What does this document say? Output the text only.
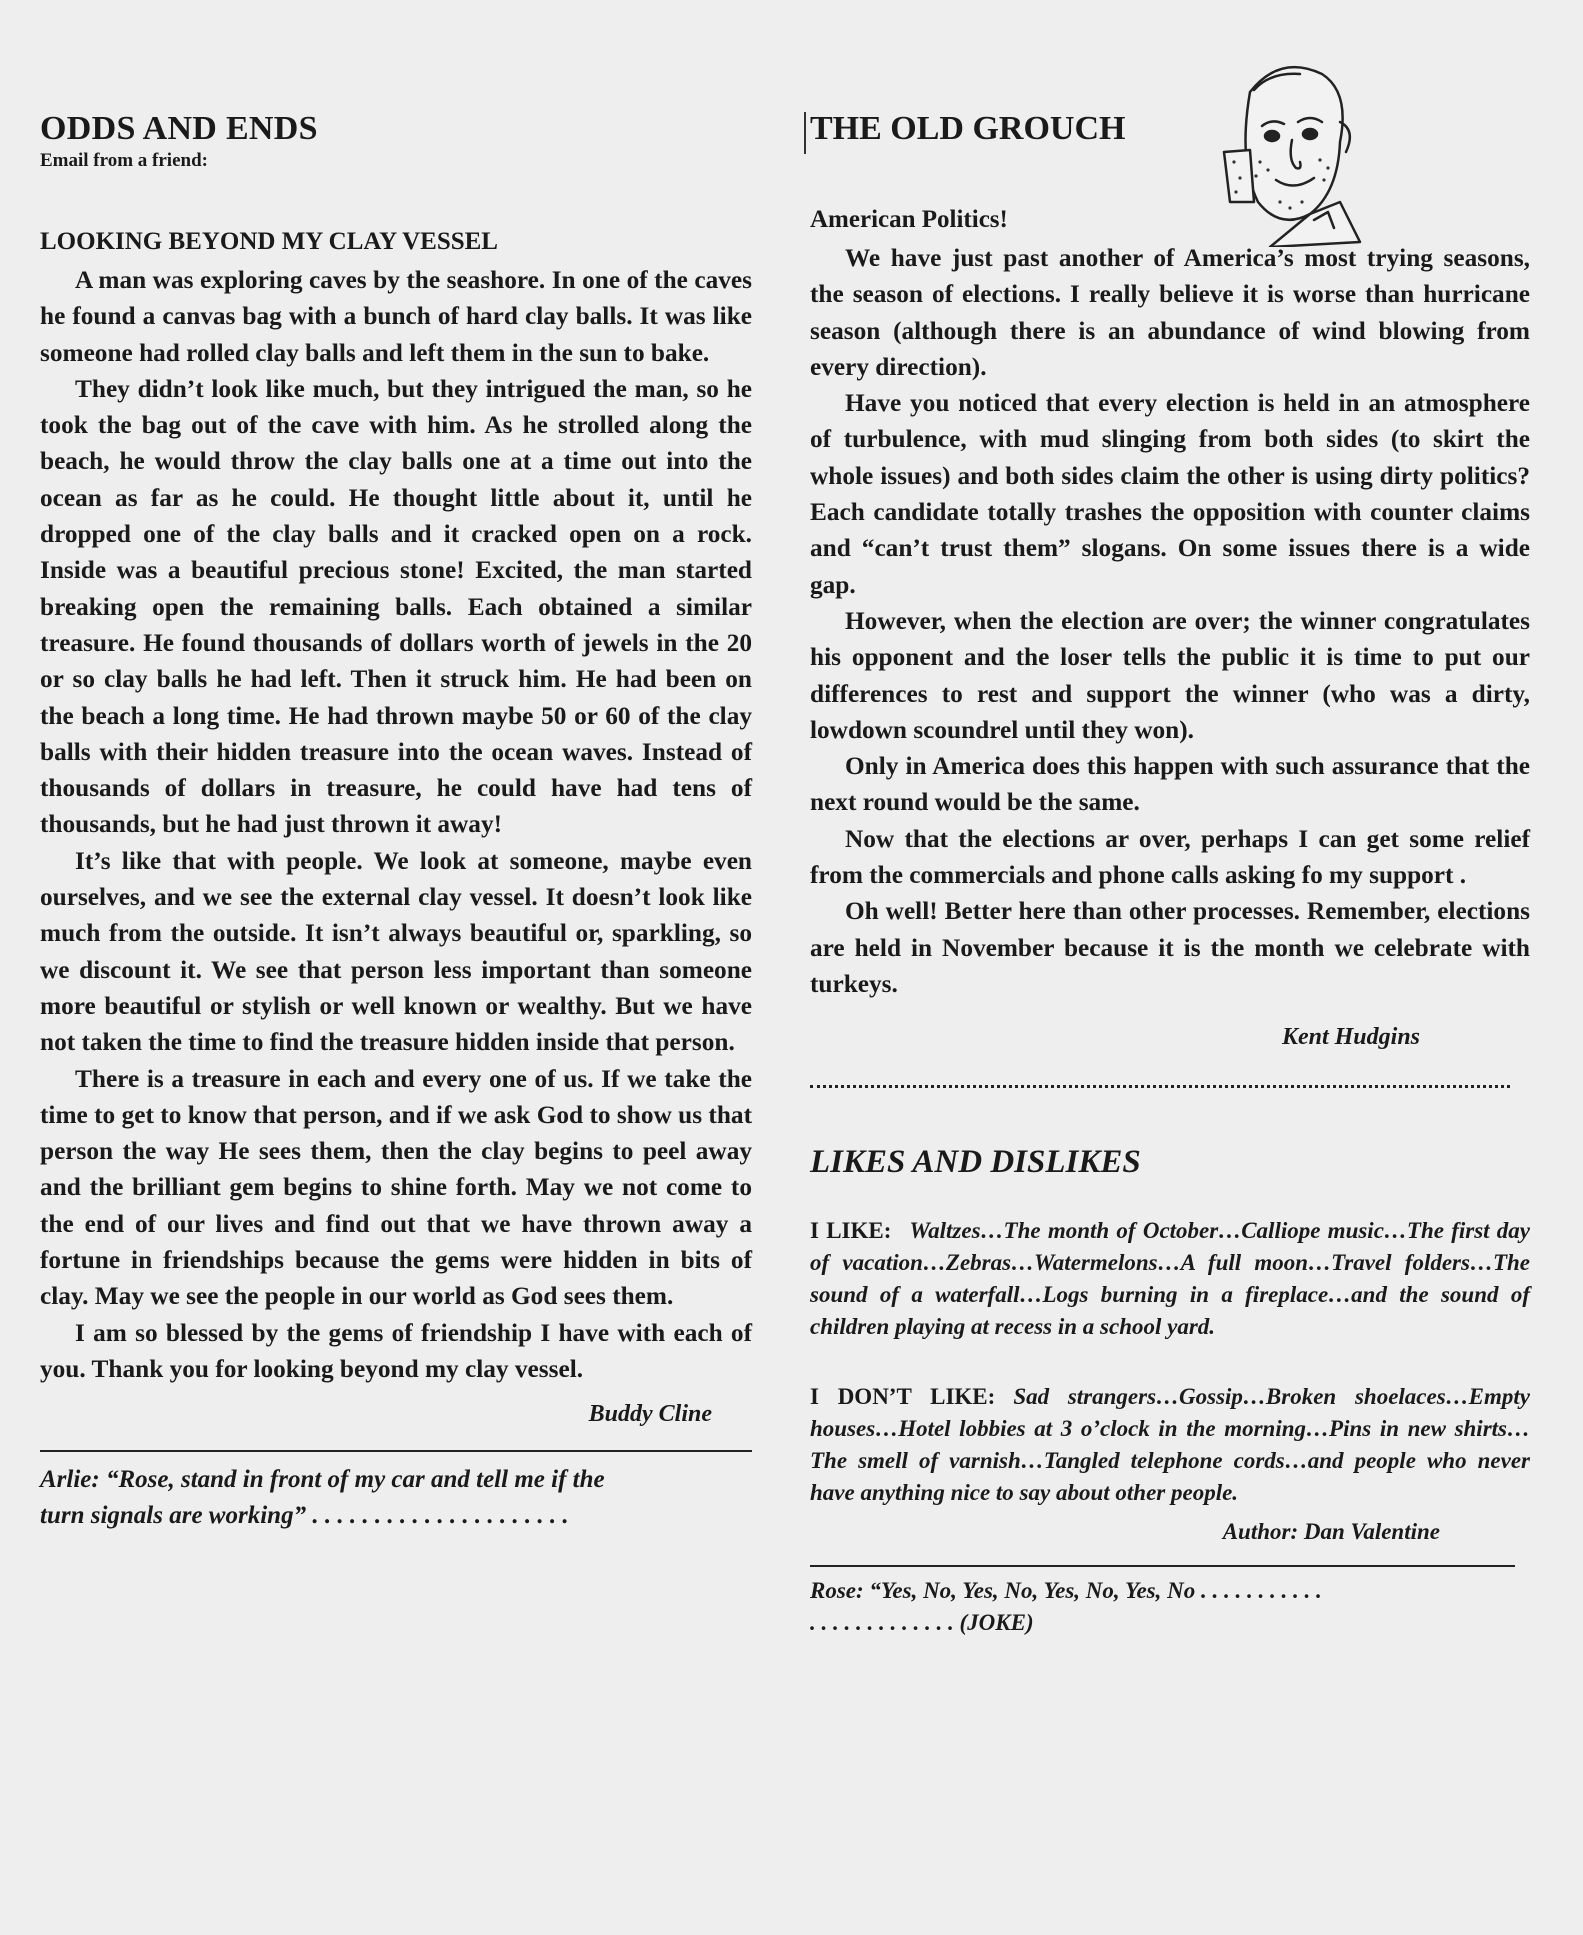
ODDS AND ENDS
Email from a friend:
LOOKING BEYOND MY CLAY VESSEL

A man was exploring caves by the seashore. In one of the caves he found a canvas bag with a bunch of hard clay balls. It was like someone had rolled clay balls and left them in the sun to bake.

They didn’t look like much, but they intrigued the man, so he took the bag out of the cave with him. As he strolled along the beach, he would throw the clay balls one at a time out into the ocean as far as he could. He thought little about it, until he dropped one of the clay balls and it cracked open on a rock. Inside was a beautiful precious stone! Excited, the man started breaking open the remaining balls. Each obtained a similar treasure. He found thousands of dollars worth of jewels in the 20 or so clay balls he had left. Then it struck him. He had been on the beach a long time. He had thrown maybe 50 or 60 of the clay balls with their hidden treasure into the ocean waves. Instead of thousands of dollars in treasure, he could have had tens of thousands, but he had just thrown it away!

It’s like that with people. We look at someone, maybe even ourselves, and we see the external clay vessel. It doesn’t look like much from the outside. It isn’t always beautiful or, sparkling, so we discount it. We see that person less important than someone more beautiful or stylish or well known or wealthy. But we have not taken the time to find the treasure hidden inside that person.

There is a treasure in each and every one of us. If we take the time to get to know that person, and if we ask God to show us that person the way He sees them, then the clay begins to peel away and the brilliant gem begins to shine forth. May we not come to the end of our lives and find out that we have thrown away a fortune in friendships because the gems were hidden in bits of clay. May we see the people in our world as God sees them.

I am so blessed by the gems of friendship I have with each of you. Thank you for looking beyond my clay vessel.

Buddy Cline
Arlie: “Rose, stand in front of my car and tell me if the
turn signals are working” . . . . . . . . . . . . . . . . . . . . .
THE OLD GROUCH
American Politics!

We have just past another of America’s most trying seasons, the season of elections. I really believe it is worse than hurricane season (although there is an abundance of wind blowing from every direction).

Have you noticed that every election is held in an atmosphere of turbulence, with mud slinging from both sides (to skirt the whole issues) and both sides claim the other is using dirty politics? Each candidate totally trashes the opposition with counter claims and “can’t trust them” slogans. On some issues there is a wide gap.

However, when the election are over; the winner congratulates his opponent and the loser tells the public it is time to put our differences to rest and support the winner (who was a dirty, lowdown scoundrel until they won).

Only in America does this happen with such assurance that the next round would be the same.

Now that the elections ar over, perhaps I can get some relief from the commercials and phone calls asking fo my support .

Oh well! Better here than other processes. Remember, elections are held in November because it is the month we celebrate with turkeys.

Kent Hudgins
LIKES AND DISLIKES

I LIKE: Waltzes…The month of October…Calliope music…The first day of vacation…Zebras…Watermelons…A full moon…Travel folders…The sound of a waterfall…Logs burning in a fireplace…and the sound of children playing at recess in a school yard.

I DON’T LIKE: Sad strangers…Gossip…Broken shoelaces…Empty houses…Hotel lobbies at 3 o’clock in the morning…Pins in new shirts…The smell of varnish…Tangled telephone cords…and people who never have anything nice to say about other people.

Author: Dan Valentine
Rose: “Yes, No, Yes, No, Yes, No, Yes, No . . . . . . . . . . .
. . . . . . . . . . . . . (JOKE)
